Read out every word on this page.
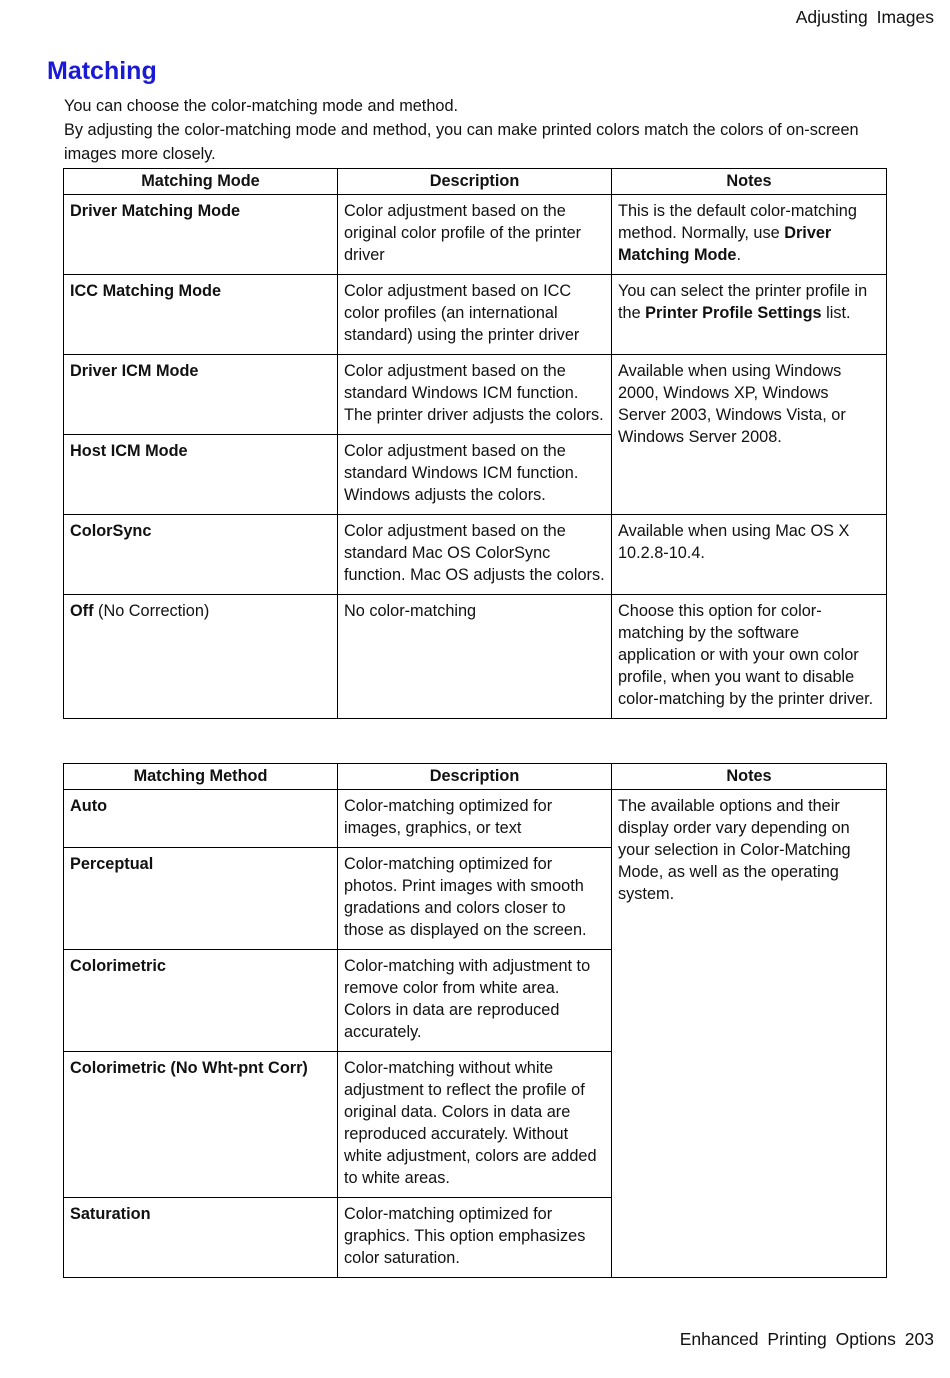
Adjusting Images
Matching
You can choose the color-matching mode and method.
By adjusting the color-matching mode and method, you can make printed colors match the colors of on-screen images more closely.
Matching Mode	Description	Notes
Driver Matching Mode	Color adjustment based on the original color profile of the printer driver	This is the default color-matching method. Normally, use Driver Matching Mode.
ICC Matching Mode	Color adjustment based on ICC color profiles (an international standard) using the printer driver	You can select the printer profile in the Printer Profile Settings list.
Driver ICM Mode	Color adjustment based on the standard Windows ICM function. The printer driver adjusts the colors.	Available when using Windows 2000, Windows XP, Windows Server 2003, Windows Vista, or Windows Server 2008.
Host ICM Mode	Color adjustment based on the standard Windows ICM function. Windows adjusts the colors.	
ColorSync	Color adjustment based on the standard Mac OS ColorSync function. Mac OS adjusts the colors.	Available when using Mac OS X 10.2.8-10.4.
Off (No Correction)	No color-matching	Choose this option for color-matching by the software application or with your own color profile, when you want to disable color-matching by the printer driver.
Matching Method	Description	Notes
Auto	Color-matching optimized for images, graphics, or text	The available options and their display order vary depending on your selection in Color-Matching Mode, as well as the operating system.
Perceptual	Color-matching optimized for photos. Print images with smooth gradations and colors closer to those as displayed on the screen.	
Colorimetric	Color-matching with adjustment to remove color from white area. Colors in data are reproduced accurately.	
Colorimetric (No Wht-pnt Corr)	Color-matching without white adjustment to reflect the profile of original data. Colors in data are reproduced accurately. Without white adjustment, colors are added to white areas.	
Saturation	Color-matching optimized for graphics. This option emphasizes color saturation.	
Enhanced Printing Options 203
